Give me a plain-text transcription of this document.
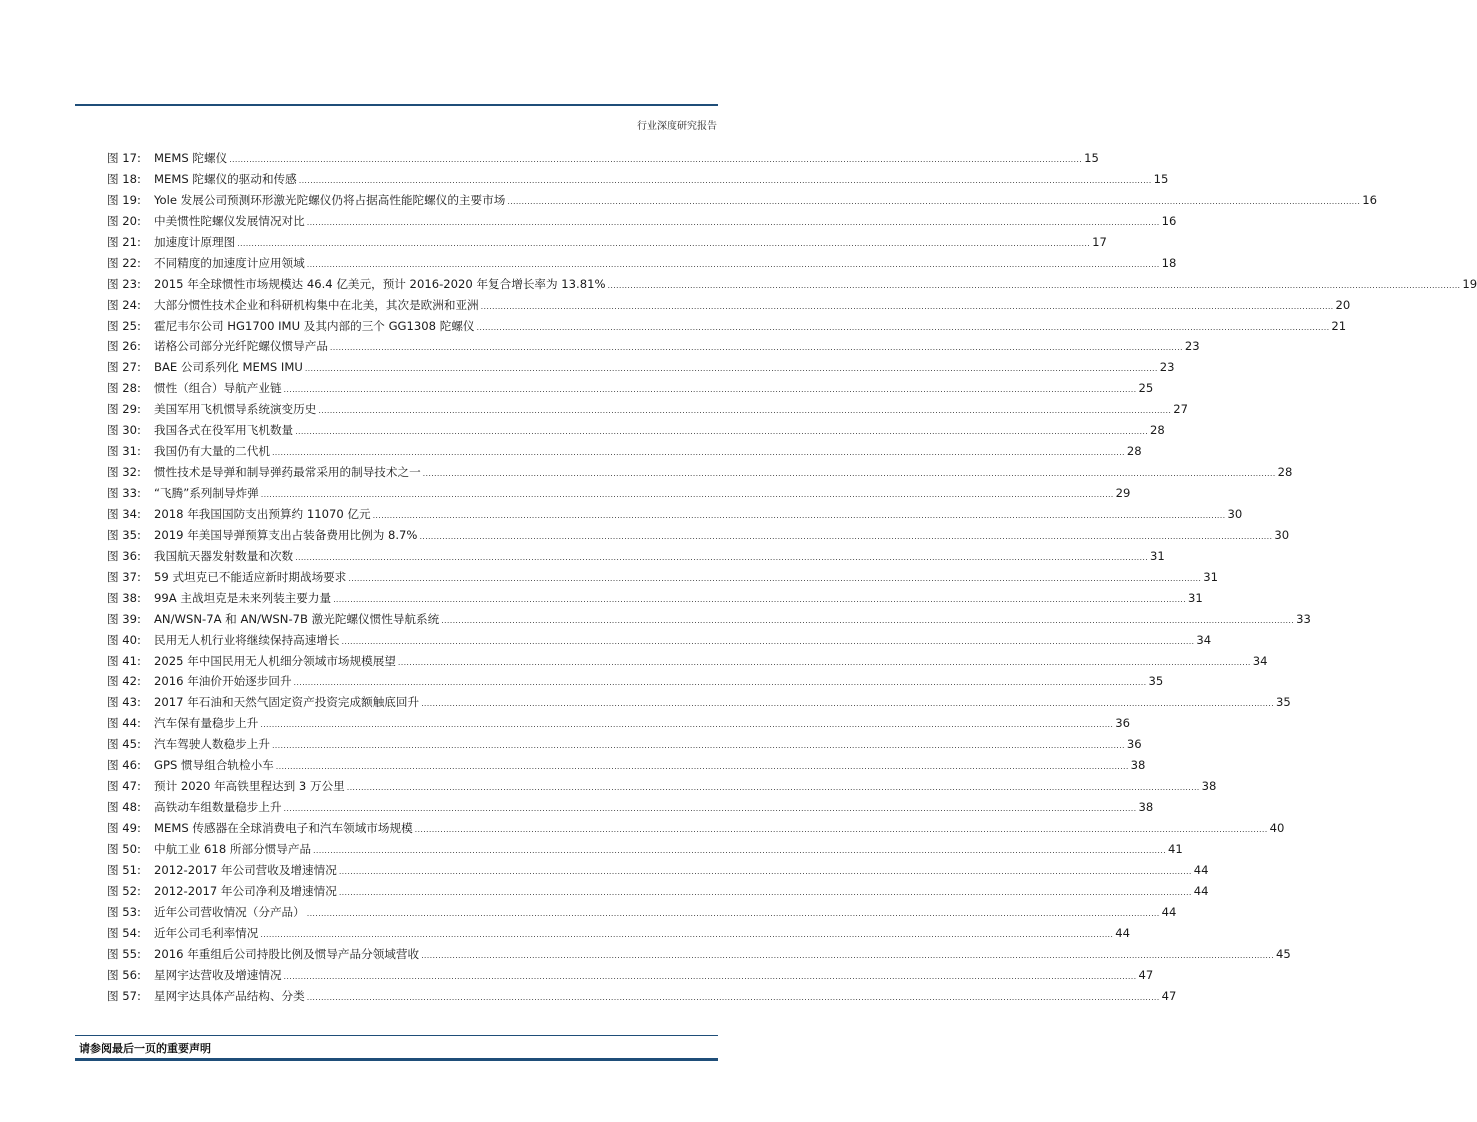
行业深度研究报告
图 17:	MEMS 陀螺仪 .....	15
图 18:	MEMS 陀螺仪的驱动和传感 .....	15
图 19:	Yole 发展公司预测环形激光陀螺仪仍将占据高性能陀螺仪的主要市场 .....	16
图 20:	中美惯性陀螺仪发展情况对比 .....	16
图 21:	加速度计原理图 .....	17
图 22:	不同精度的加速度计应用领域 .....	18
图 23:	2015 年全球惯性市场规模达 46.4 亿美元，预计 2016-2020 年复合增长率为 13.81% .....	19
图 24:	大部分惯性技术企业和科研机构集中在北美，其次是欧洲和亚洲 .....	20
图 25:	霍尼韦尔公司 HG1700 IMU 及其内部的三个 GG1308 陀螺仪 .....	21
图 26:	诺格公司部分光纤陀螺仪惯导产品 .....	23
图 27:	BAE 公司系列化 MEMS IMU .....	23
图 28:	惯性（组合）导航产业链 .....	25
图 29:	美国军用飞机惯导系统演变历史 .....	27
图 30:	我国各式在役军用飞机数量 .....	28
图 31:	我国仍有大量的二代机 .....	28
图 32:	惯性技术是导弹和制导弹药最常采用的制导技术之一 .....	28
图 33:	“飞腾”系列制导炸弹 .....	29
图 34:	2018 年我国国防支出预算约 11070 亿元 .....	30
图 35:	2019 年美国导弹预算支出占装备费用比例为 8.7% .....	30
图 36:	我国航天器发射数量和次数 .....	31
图 37:	59 式坦克已不能适应新时期战场要求 .....	31
图 38:	99A 主战坦克是未来列装主要力量 .....	31
图 39:	AN/WSN-7A 和 AN/WSN-7B 激光陀螺仪惯性导航系统 .....	33
图 40:	民用无人机行业将继续保持高速增长 .....	34
图 41:	2025 年中国民用无人机细分领域市场规模展望 .....	34
图 42:	2016 年油价开始逐步回升 .....	35
图 43:	2017 年石油和天然气固定资产投资完成额触底回升 .....	35
图 44:	汽车保有量稳步上升 .....	36
图 45:	汽车驾驶人数稳步上升 .....	36
图 46:	GPS 惯导组合轨检小车 .....	38
图 47:	预计 2020 年高铁里程达到 3 万公里 .....	38
图 48:	高铁动车组数量稳步上升 .....	38
图 49:	MEMS 传感器在全球消费电子和汽车领域市场规模 .....	40
图 50:	中航工业 618 所部分惯导产品 .....	41
图 51:	2012-2017 年公司营收及增速情况 .....	44
图 52:	2012-2017 年公司净利及增速情况 .....	44
图 53:	近年公司营收情况（分产品） .....	44
图 54:	近年公司毛利率情况 .....	44
图 55:	2016 年重组后公司持股比例及惯导产品分领域营收 .....	45
图 56:	星网宇达营收及增速情况 .....	47
图 57:	星网宇达具体产品结构、分类 .....	47
请参阅最后一页的重要声明
